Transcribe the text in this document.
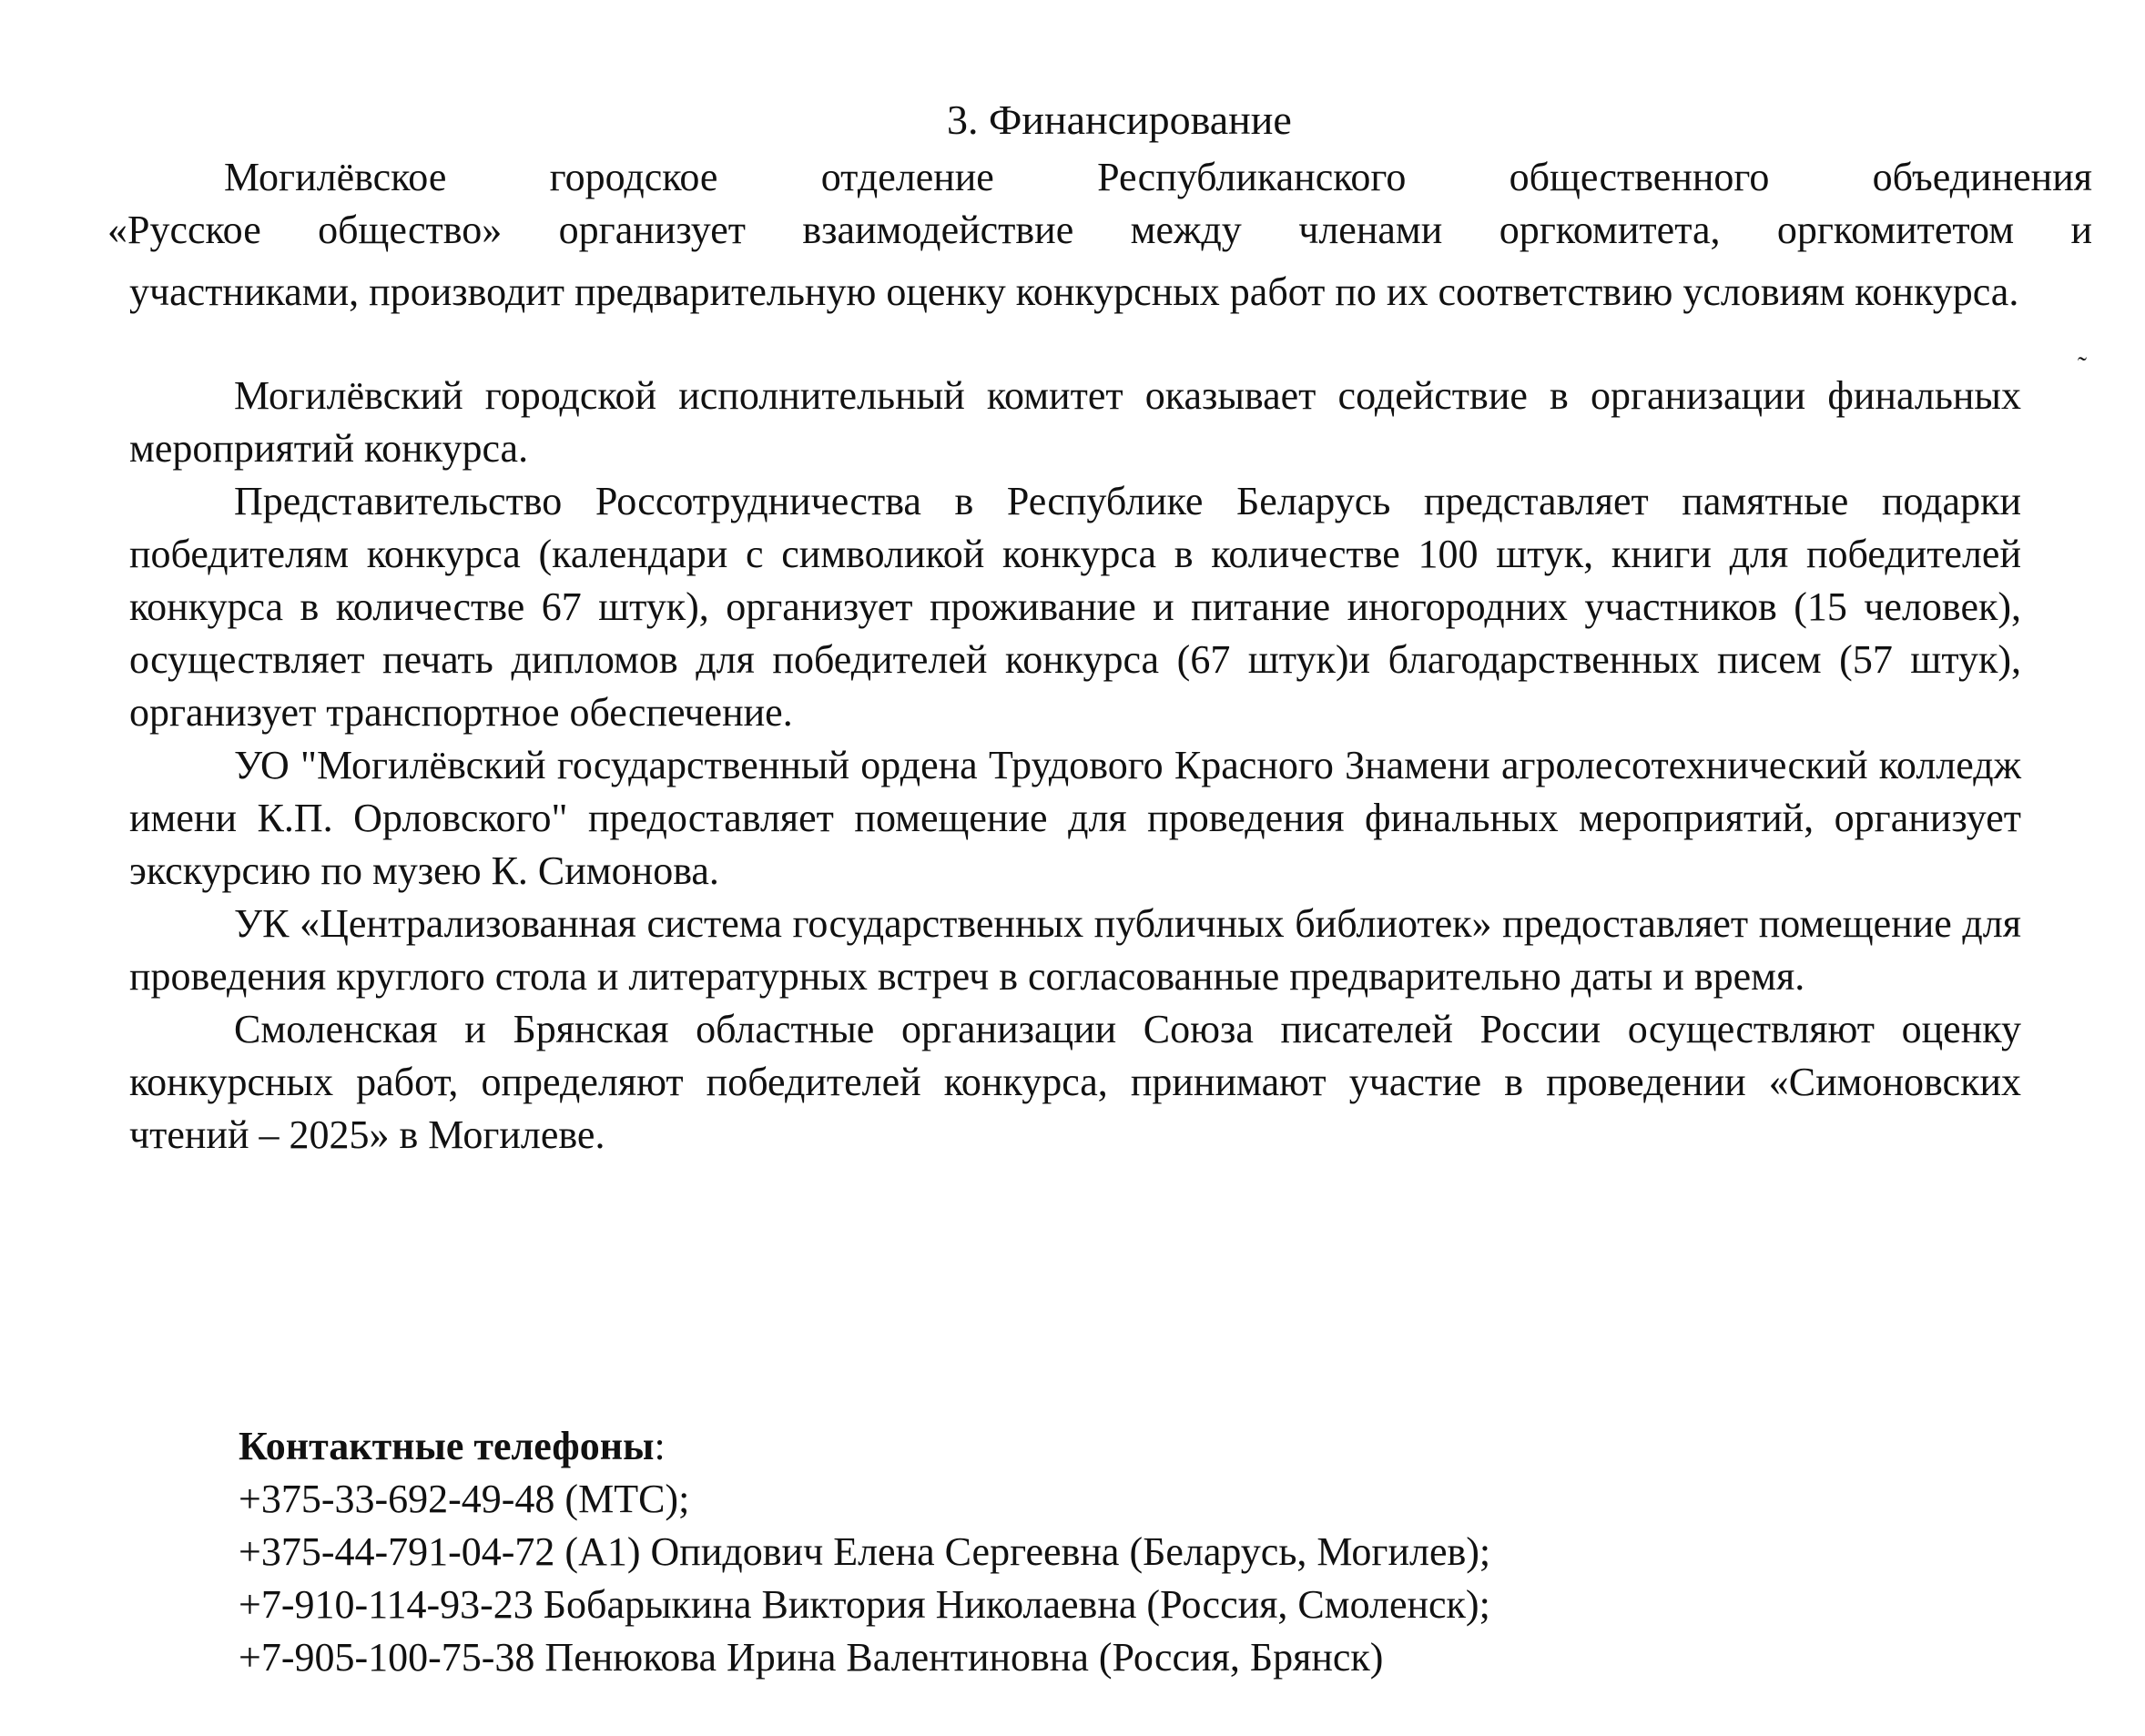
3. Финансирование
Могилёвское городское отделение Республиканского общественного объединения
«Русское общество» организует взаимодействие между членами оргкомитета, оргкомитетом и

участниками, производит предварительную оценку конкурсных работ по их соответствию условиям конкурса.

˜

Могилёвский городской исполнительный комитет оказывает содействие в организации финальных мероприятий конкурса.

Представительство Россотрудничества в Республике Беларусь представляет памятные подарки победителям конкурса (календари с символикой конкурса в количестве 100 штук, книги для победителей конкурса в количестве 67 штук), организует проживание и питание иногородних участников (15 человек), осуществляет печать дипломов для победителей конкурса (67 штук)и благодарственных писем (57 штук), организует транспортное обеспечение.

УО "Могилёвский государственный ордена Трудового Красного Знамени агролесотехнический колледж имени К.П. Орловского" предоставляет помещение для проведения финальных мероприятий, организует экскурсию по музею К. Симонова.

УК «Централизованная система государственных публичных библиотек» предоставляет помещение для проведения круглого стола и литературных встреч в согласованные предварительно даты и время.

Смоленская и Брянская областные организации Союза писателей России осуществляют оценку конкурсных работ, определяют победителей конкурса, принимают участие в проведении «Симоновских чтений – 2025» в Могилеве.

Контактные телефоны:
+375-33-692-49-48 (МТС);
+375-44-791-04-72 (А1) Опидович Елена Сергеевна (Беларусь, Могилев);
+7-910-114-93-23 Бобарыкина Виктория Николаевна (Россия, Смоленск);
+7-905-100-75-38 Пенюкова Ирина Валентиновна (Россия, Брянск)
